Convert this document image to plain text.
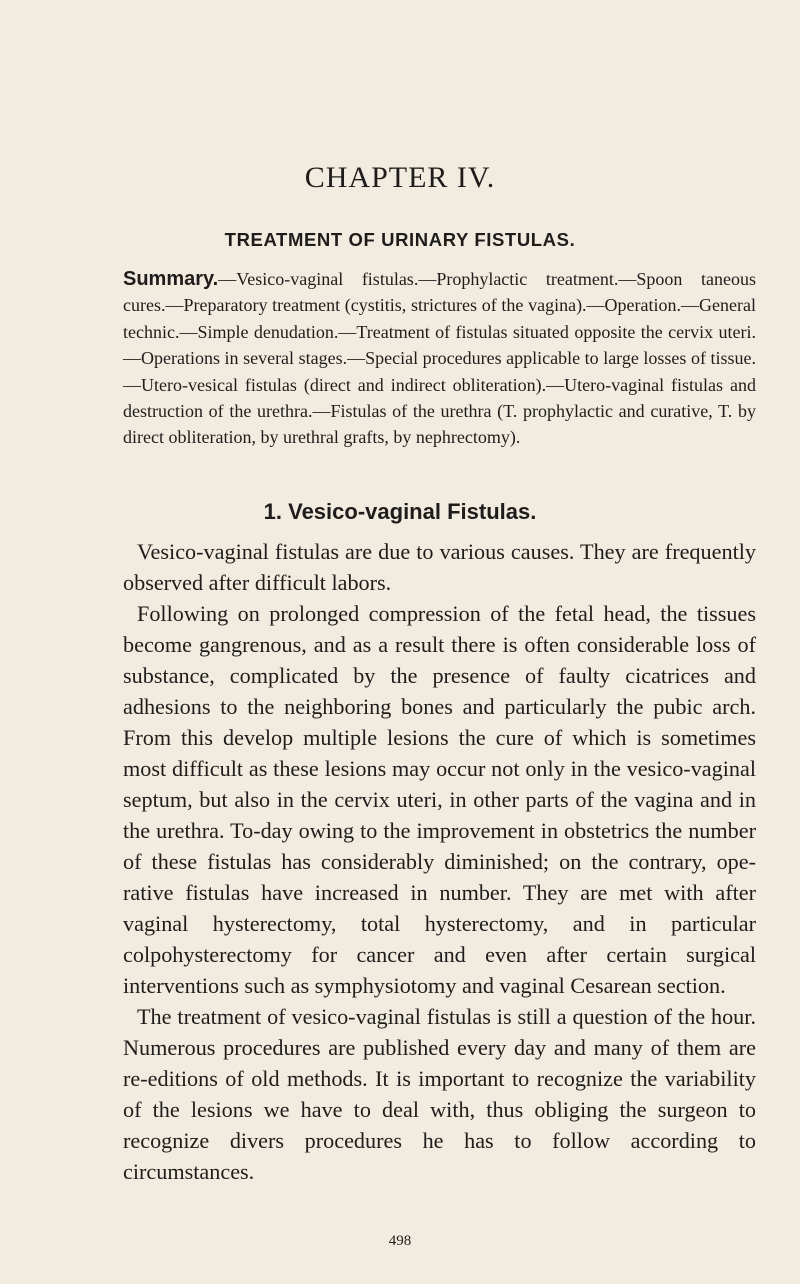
CHAPTER IV.
TREATMENT OF URINARY FISTULAS.

Summary.—Vesico-vaginal fistulas.—Prophylactic treatment.—Spoon taneous cures.—Preparatory treatment (cystitis, strictures of the vagina).—Operation.—General technic.—Simple denudation.—Treatment of fistulas situated opposite the cervix uteri.—Operations in several stages.—Special procedures applicable to large losses of tissue.—Utero-vesical fistulas (direct and indirect obliteration).—Utero-vaginal fistulas and destruction of the urethra.—Fistulas of the urethra (T. prophylactic and curative, T. by direct obliteration, by urethral grafts, by nephrectomy).

1. Vesico-vaginal Fistulas.

Vesico-vaginal fistulas are due to various causes. They are frequently observed after difficult labors.

Following on prolonged compression of the fetal head, the tissues become gangrenous, and as a result there is often considerable loss of substance, complicated by the presence of faulty cicatrices and adhesions to the neighboring bones and particularly the pubic arch. From this develop multiple lesions the cure of which is sometimes most difficult as these lesions may occur not only in the vesico-vaginal septum, but also in the cervix uteri, in other parts of the vagina and in the urethra. To-day owing to the improvement in obstetrics the number of these fistulas has considerably diminished; on the contrary, operative fistulas have increased in number. They are met with after vaginal hysterectomy, total hysterectomy, and in particular colpohysterectomy for cancer and even after certain surgical interventions such as symphysiotomy and vaginal Cesarean section.

The treatment of vesico-vaginal fistulas is still a question of the hour. Numerous procedures are published every day and many of them are re-editions of old methods. It is important to recognize the variability of the lesions we have to deal with, thus obliging the surgeon to recognize divers procedures he has to follow according to circumstances.

498
